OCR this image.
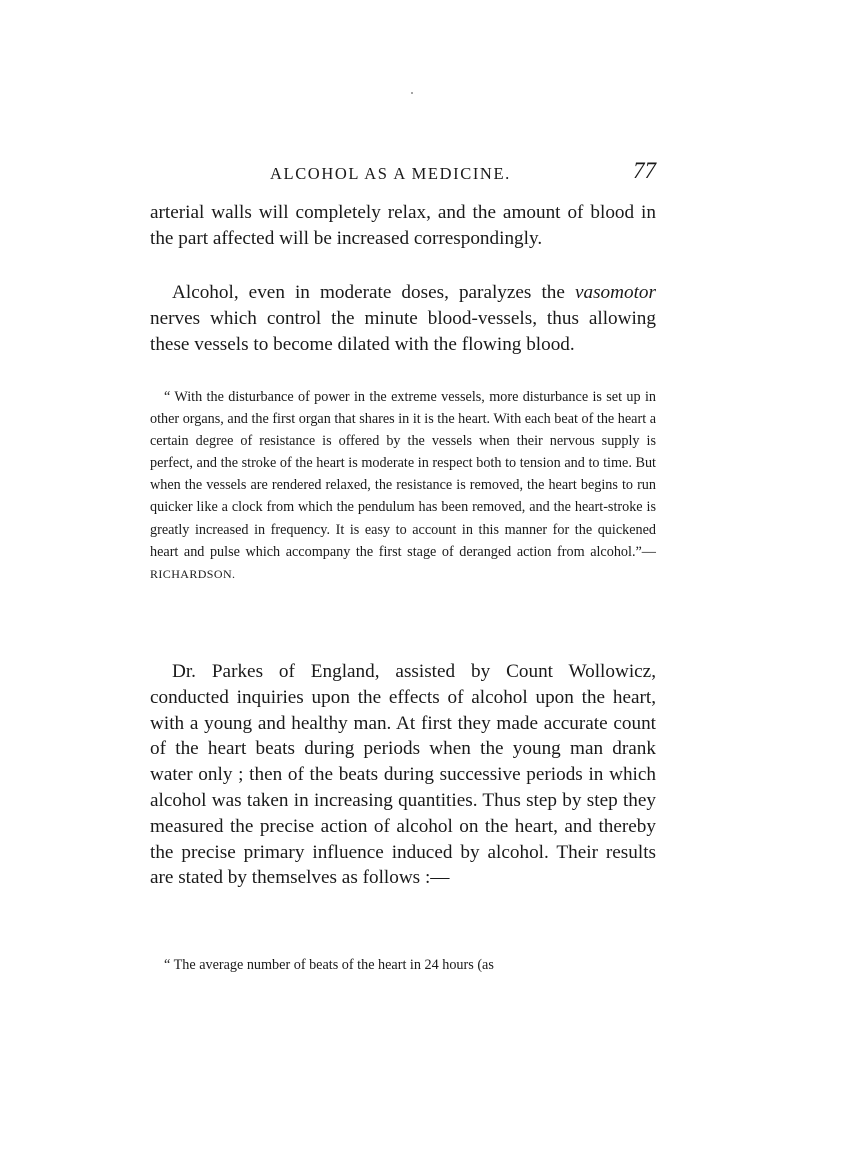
ALCOHOL AS A MEDICINE.	77

arterial walls will completely relax, and the amount of blood in the part affected will be increased correspondingly.

Alcohol, even in moderate doses, paralyzes the vasomotor nerves which control the minute blood-vessels, thus allowing these vessels to become dilated with the flowing blood.

“ With the disturbance of power in the extreme vessels, more disturbance is set up in other organs, and the first organ that shares in it is the heart. With each beat of the heart a certain degree of resistance is offered by the vessels when their nervous supply is perfect, and the stroke of the heart is moderate in respect both to tension and to time. But when the vessels are rendered relaxed, the resistance is removed, the heart begins to run quicker like a clock from which the pendulum has been removed, and the heart-stroke is greatly increased in frequency. It is easy to account in this manner for the quickened heart and pulse which accompany the first stage of deranged action from alcohol.”—RICHARDSON.

Dr. Parkes of England, assisted by Count Wollowicz, conducted inquiries upon the effects of alcohol upon the heart, with a young and healthy man. At first they made accurate count of the heart beats during periods when the young man drank water only ; then of the beats during successive periods in which alcohol was taken in increasing quantities. Thus step by step they measured the precise action of alcohol on the heart, and thereby the precise primary influence induced by alcohol. Their results are stated by themselves as follows :—

“ The average number of beats of the heart in 24 hours (as
